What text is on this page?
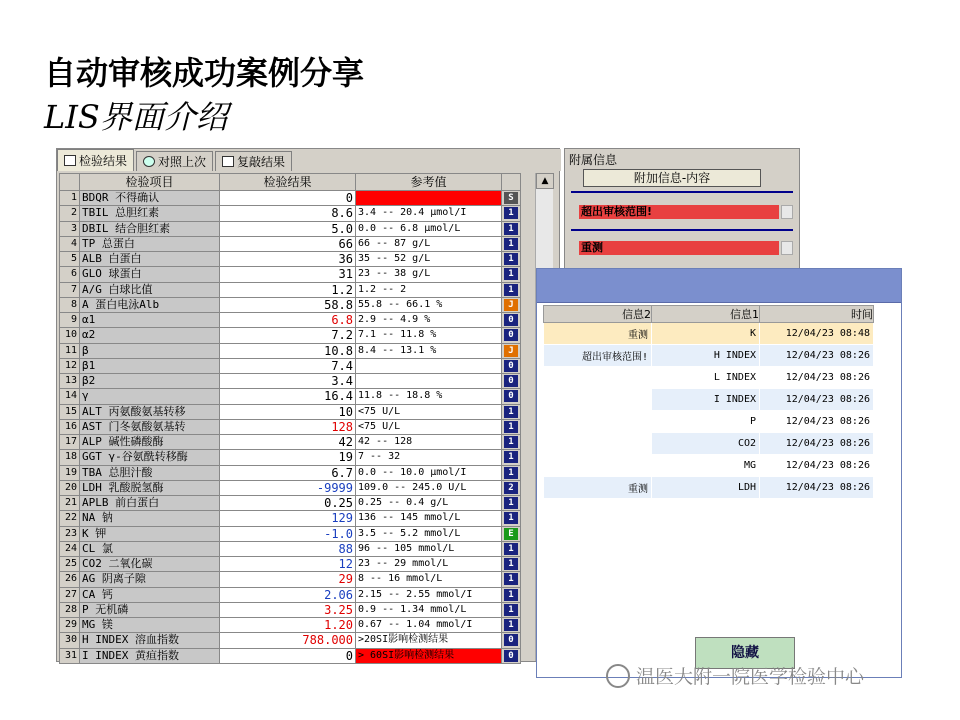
自动审核成功案例分享
LIS界面介绍
检验结果	对照上次	复敲结果
	检验项目	检验结果	参考值	
1	BDQR 不得确认	0		S

2	TBIL 总胆红素	8.6	3.4 -- 20.4 μmol/I	1

3	DBIL 结合胆红素	5.0	0.0 -- 6.8 μmol/L	1

4	TP 总蛋白	66	66 -- 87 g/L	1

5	ALB 白蛋白	36	35 -- 52 g/L	1

6	GLO 球蛋白	31	23 -- 38 g/L	1

7	A/G 白球比值	1.2	1.2 -- 2	1

8	A 蛋白电泳Alb	58.8	55.8 -- 66.1 %	J

9	α1	6.8	2.9 -- 4.9 %	0

10	α2	7.2	7.1 -- 11.8 %	0

11	β	10.8	8.4 -- 13.1 %	J

12	β1	7.4		0

13	β2	3.4		0

14	γ	16.4	11.8 -- 18.8 %	0

15	ALT 丙氨酸氨基转移	10	<75 U/L	1

16	AST 门冬氨酸氨基转	128	<75 U/L	1

17	ALP 碱性磷酸酶	42	42 -- 128	1

18	GGT γ-谷氨酰转移酶	19	7 -- 32	1

19	TBA 总胆汁酸	6.7	0.0 -- 10.0 μmol/I	1

20	LDH 乳酸脱氢酶	-9999	109.0 -- 245.0 U/L	2

21	APLB 前白蛋白	0.25	0.25 -- 0.4 g/L	1

22	NA 钠	129	136 -- 145 mmol/L	1

23	K 钾	-1.0	3.5 -- 5.2 mmol/L	E

24	CL 氯	88	96 -- 105 mmol/L	1

25	CO2 二氧化碳	12	23 -- 29 mmol/L	1

26	AG 阴离子隙	29	8 -- 16 mmol/L	1

27	CA 钙	2.06	2.15 -- 2.55 mmol/I	1

28	P 无机磷	3.25	0.9 -- 1.34 mmol/L	1

29	MG 镁	1.20	0.67 -- 1.04 mmol/I	1

30	H INDEX 溶血指数	788.000	>20SI影响检测结果	0

31	I INDEX 黄疸指数	0	> 60SI影响检测结果	0
▲
附属信息
附加信息-内容
超出审核范围!
重测
信息2	信息1	时间
重测	K	12/04/23 08:48
超出审核范围!	H INDEX	12/04/23 08:26
	L INDEX	12/04/23 08:26
	I INDEX	12/04/23 08:26
	P	12/04/23 08:26
	CO2	12/04/23 08:26
	MG	12/04/23 08:26
重测	LDH	12/04/23 08:26
隐藏
温医大附一院医学检验中心
